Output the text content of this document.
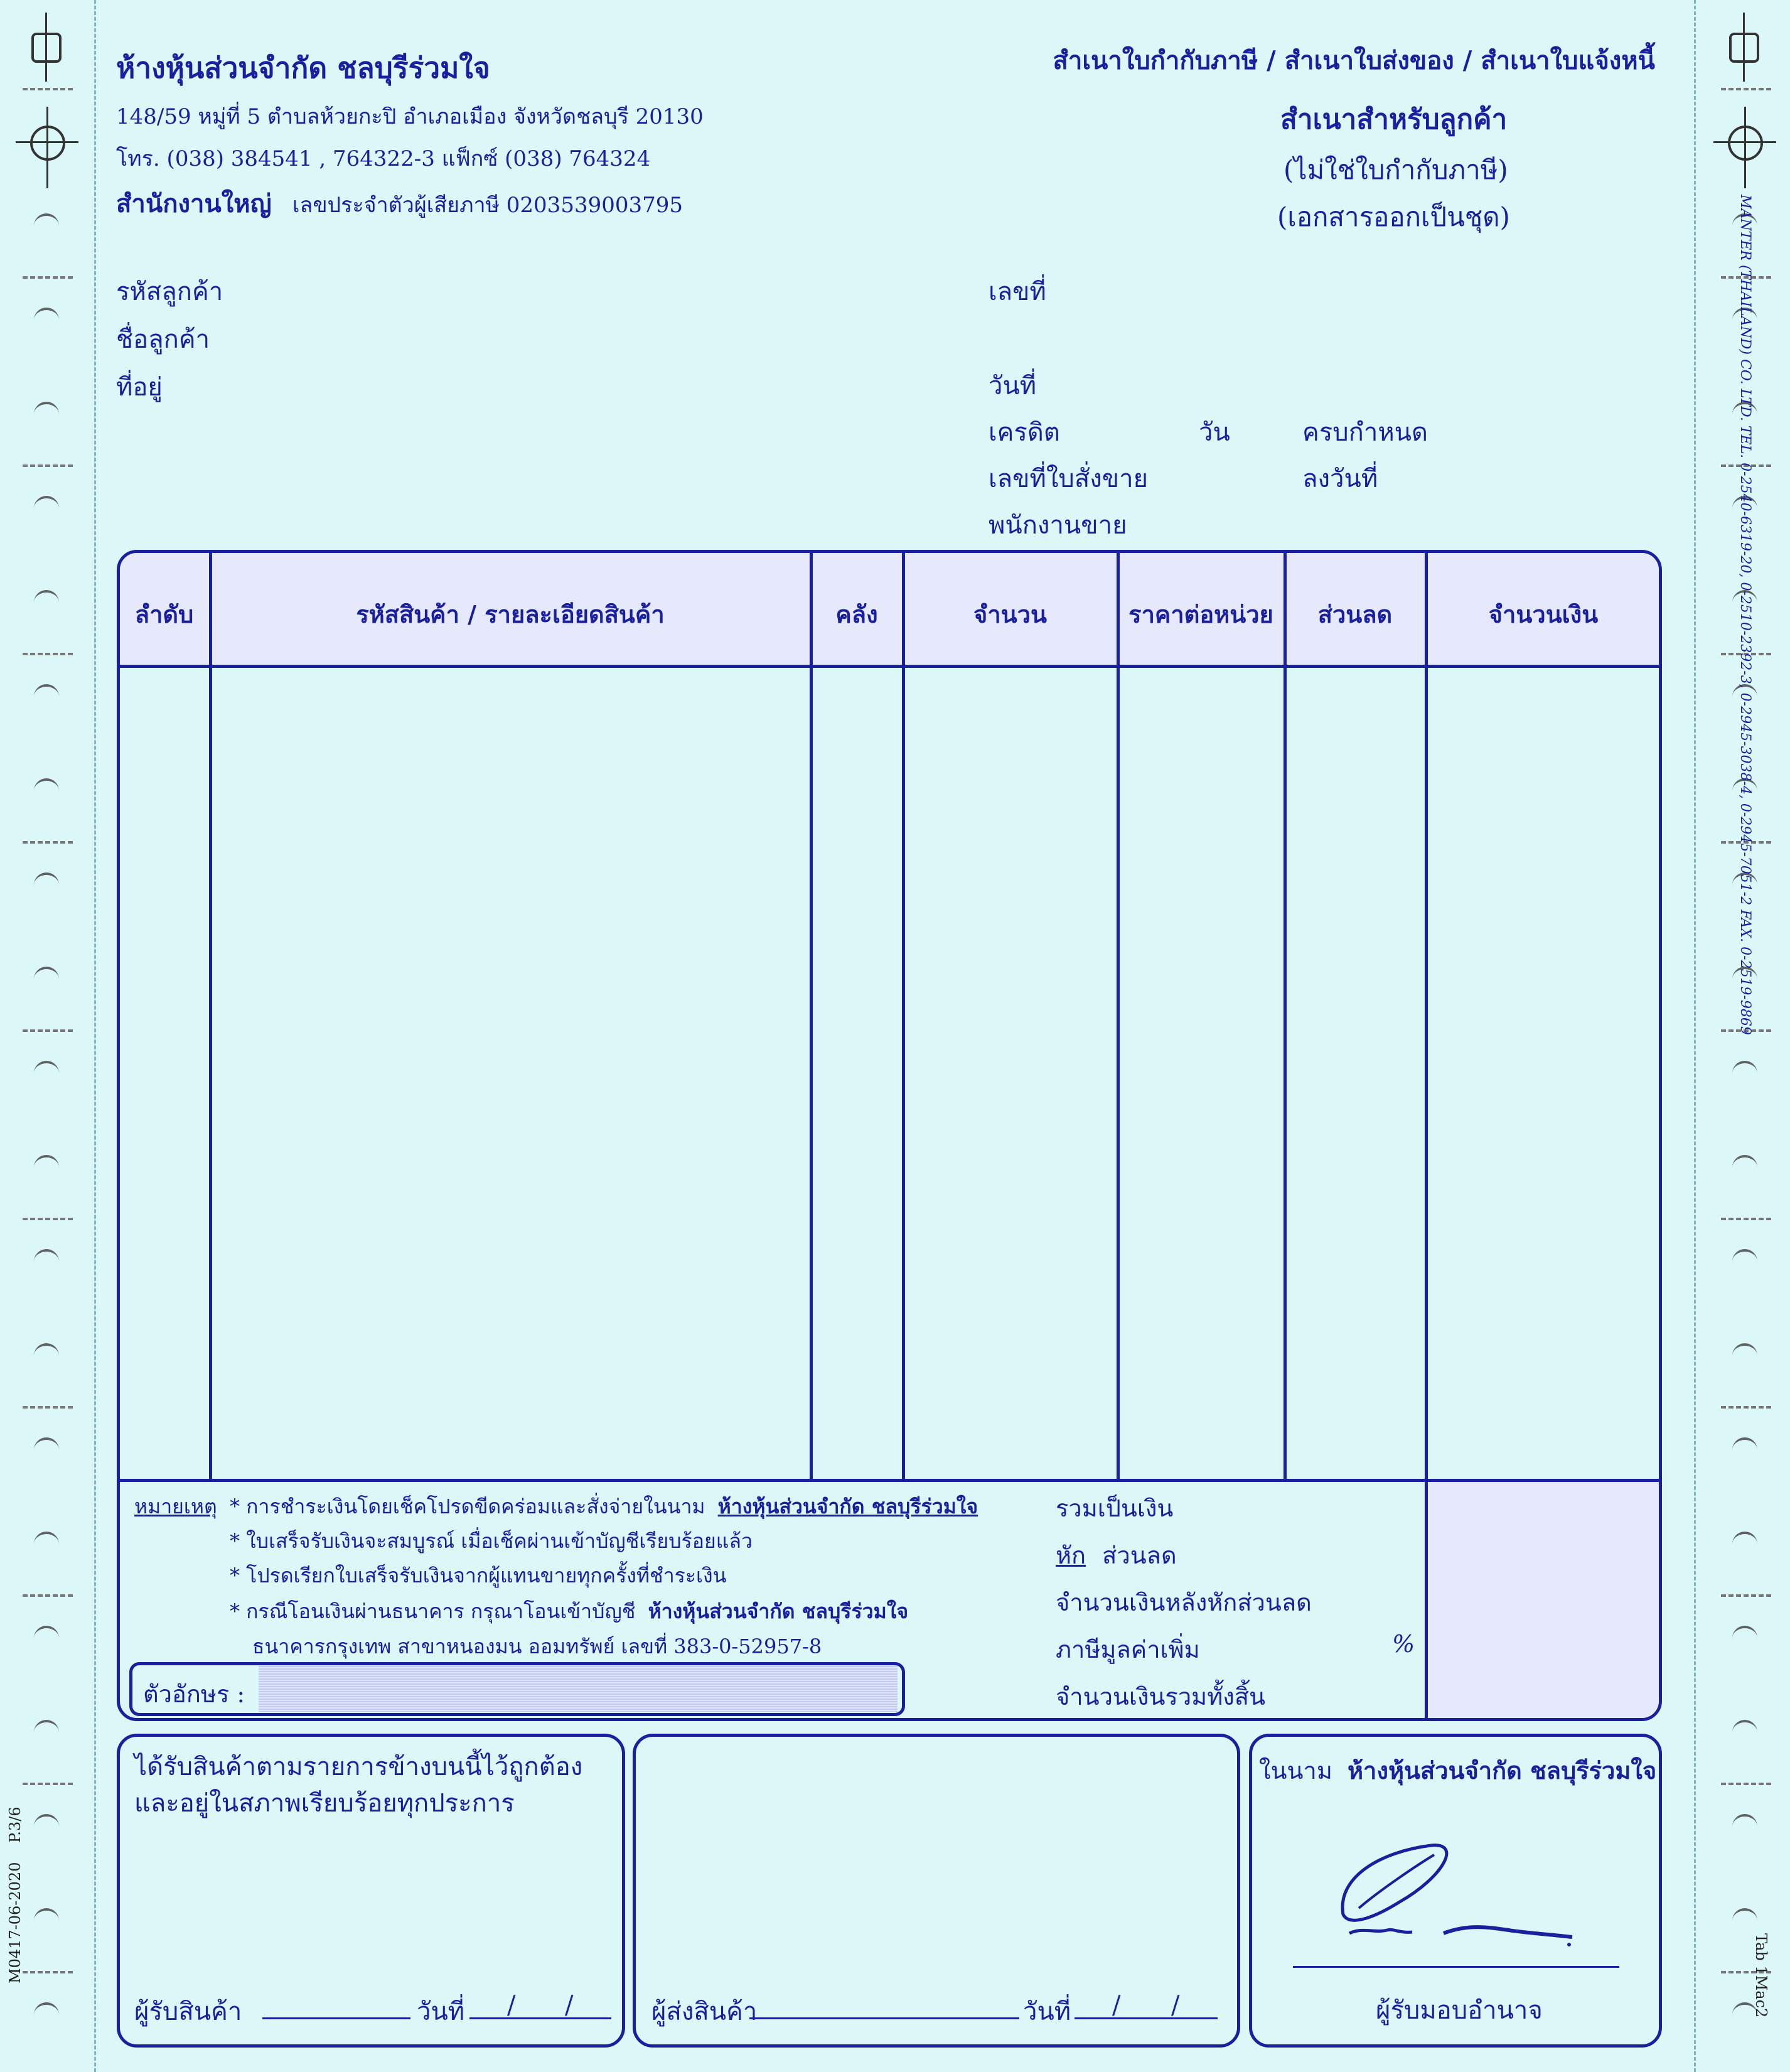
MANTER (THAILAND) CO. LTD. TEL. 0-2540-6319-20, 0-2510-2392-3, 0-2945-3038-4, 0-2945-7051-2 FAX. 0-2519-9869
Tab 1Mac2
M0417-06-2020    P.3/6
ห้างหุ้นส่วนจำกัด ชลบุรีร่วมใจ
148/59 หมู่ที่ 5 ตำบลห้วยกะปิ อำเภอเมือง จังหวัดชลบุรี 20130
โทร. (038) 384541 , 764322-3 แฟ็กซ์ (038) 764324
สำนักงานใหญ่ เลขประจำตัวผู้เสียภาษี 0203539003795
สำเนาใบกำกับภาษี / สำเนาใบส่งของ / สำเนาใบแจ้งหนี้
สำเนาสำหรับลูกค้า
(ไม่ใช่ใบกำกับภาษี)
(เอกสารออกเป็นชุด)
รหัสลูกค้า
ชื่อลูกค้า
ที่อยู่
เลขที่
วันที่
เครดิต	วัน	ครบกำหนด
เลขที่ใบสั่งขาย	ลงวันที่
พนักงานขาย
ลำดับ	รหัสสินค้า / รายละเอียดสินค้า	คลัง	จำนวน	ราคาต่อหน่วย	ส่วนลด	จำนวนเงิน
หมายเหตุ * การชำระเงินโดยเช็คโปรดขีดคร่อมและสั่งจ่ายในนาม ห้างหุ้นส่วนจำกัด ชลบุรีร่วมใจ
* ใบเสร็จรับเงินจะสมบูรณ์ เมื่อเช็คผ่านเข้าบัญชีเรียบร้อยแล้ว
* โปรดเรียกใบเสร็จรับเงินจากผู้แทนขายทุกครั้งที่ชำระเงิน
* กรณีโอนเงินผ่านธนาคาร กรุณาโอนเข้าบัญชี ห้างหุ้นส่วนจำกัด ชลบุรีร่วมใจ
ธนาคารกรุงเทพ สาขาหนองมน ออมทรัพย์ เลขที่ 383-0-52957-8
ตัวอักษร :
รวมเป็นเงิน
หัก ส่วนลด
จำนวนเงินหลังหักส่วนลด
ภาษีมูลค่าเพิ่ม	%
จำนวนเงินรวมทั้งสิ้น
ได้รับสินค้าตามรายการข้างบนนี้ไว้ถูกต้อง
และอยู่ในสภาพเรียบร้อยทุกประการ
ผู้รับสินค้า	วันที่ / /	ผู้ส่งสินค้า	วันที่ / /
ในนาม ห้างหุ้นส่วนจำกัด ชลบุรีร่วมใจ
ผู้รับมอบอำนาจ
